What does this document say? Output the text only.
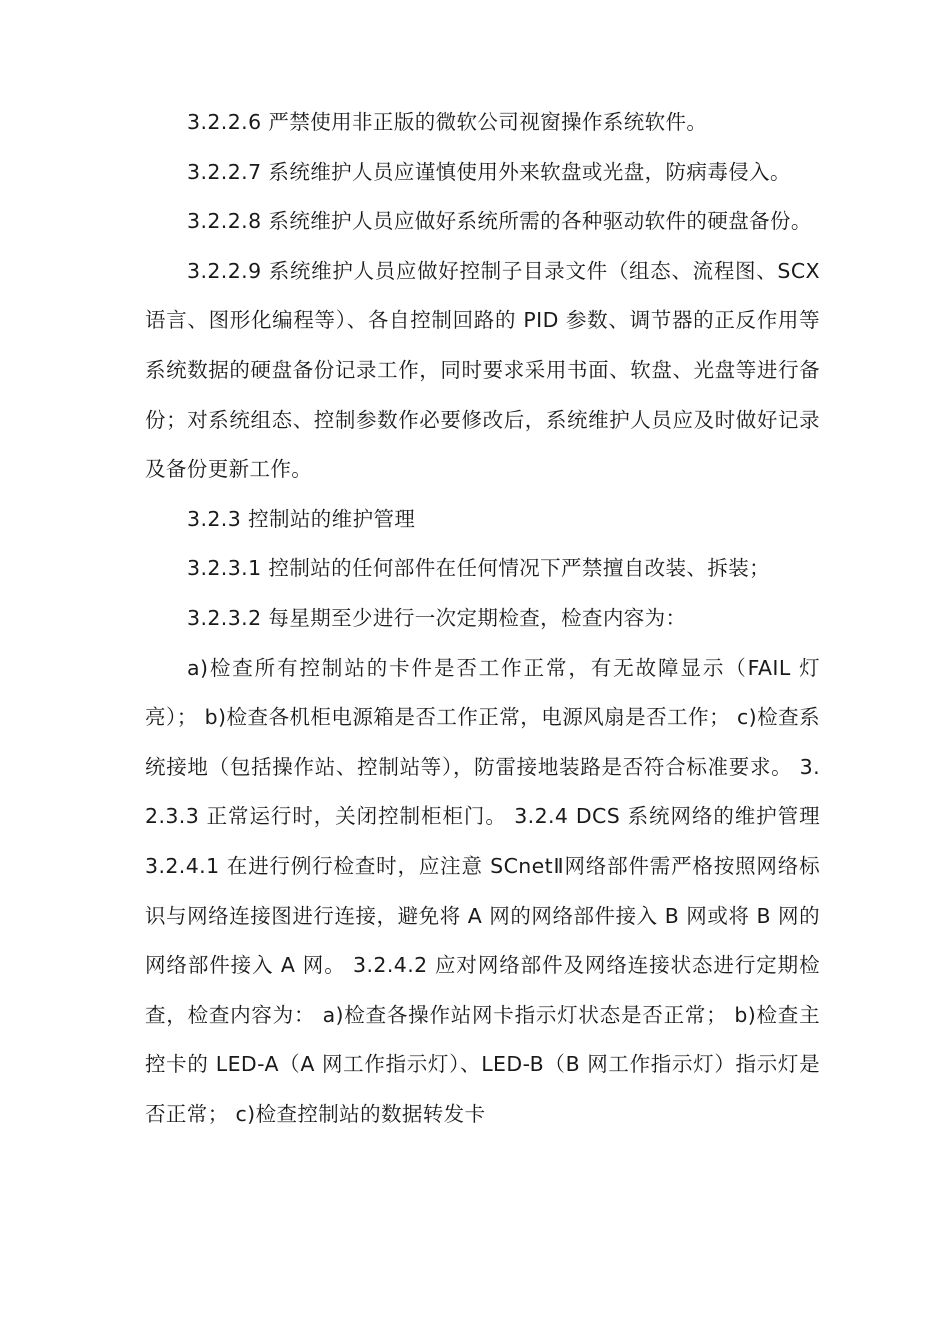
3.2.2.6 严禁使用非正版的微软公司视窗操作系统软件。

3.2.2.7 系统维护人员应谨慎使用外来软盘或光盘，防病毒侵入。

3.2.2.8 系统维护人员应做好系统所需的各种驱动软件的硬盘备份。

3.2.2.9 系统维护人员应做好控制子目录文件（组态、流程图、SCX 语言、图形化编程等）、各自控制回路的 PID 参数、调节器的正反作用等系统数据的硬盘备份记录工作，同时要求采用书面、软盘、光盘等进行备份；对系统组态、控制参数作必要修改后，系统维护人员应及时做好记录及备份更新工作。

3.2.3 控制站的维护管理

3.2.3.1 控制站的任何部件在任何情况下严禁擅自改装、拆装；

3.2.3.2 每星期至少进行一次定期检查，检查内容为：

a)检查所有控制站的卡件是否工作正常，有无故障显示（FAIL 灯亮）； b)检查各机柜电源箱是否工作正常，电源风扇是否工作； c)检查系统接地（包括操作站、控制站等），防雷接地装路是否符合标准要求。 3.2.3.3 正常运行时，关闭控制柜柜门。 3.2.4 DCS 系统网络的维护管理 3.2.4.1 在进行例行检查时，应注意 SCnetⅡ网络部件需严格按照网络标识与网络连接图进行连接，避免将 A 网的网络部件接入 B 网或将 B 网的网络部件接入 A 网。 3.2.4.2 应对网络部件及网络连接状态进行定期检查，检查内容为： a)检查各操作站网卡指示灯状态是否正常； b)检查主控卡的 LED-A（A 网工作指示灯）、LED-B（B 网工作指示灯）指示灯是否正常； c)检查控制站的数据转发卡
